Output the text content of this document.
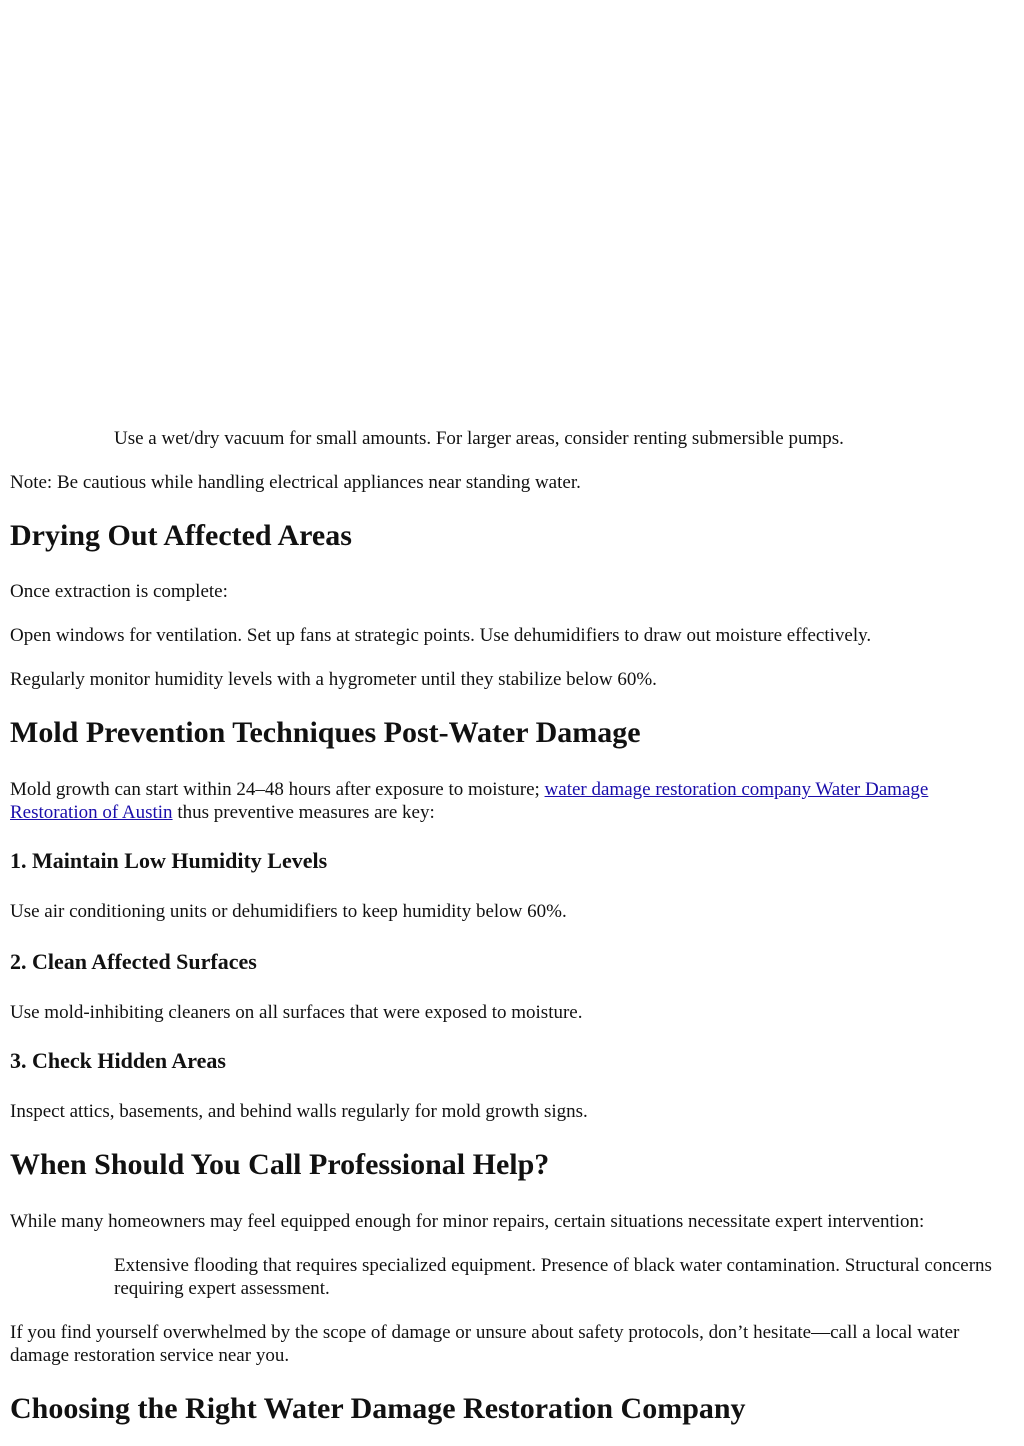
Use a wet/dry vacuum for small amounts. For larger areas, consider renting submersible pumps.

Note: Be cautious while handling electrical appliances near standing water.

Drying Out Affected Areas

Once extraction is complete:

Open windows for ventilation. Set up fans at strategic points. Use dehumidifiers to draw out moisture effectively.

Regularly monitor humidity levels with a hygrometer until they stabilize below 60%.

Mold Prevention Techniques Post-Water Damage

Mold growth can start within 24–48 hours after exposure to moisture; water damage restoration company Water Damage Restoration of Austin thus preventive measures are key:

1. Maintain Low Humidity Levels

Use air conditioning units or dehumidifiers to keep humidity below 60%.

2. Clean Affected Surfaces

Use mold-inhibiting cleaners on all surfaces that were exposed to moisture.

3. Check Hidden Areas

Inspect attics, basements, and behind walls regularly for mold growth signs.

When Should You Call Professional Help?

While many homeowners may feel equipped enough for minor repairs, certain situations necessitate expert intervention:

Extensive flooding that requires specialized equipment. Presence of black water contamination. Structural concerns requiring expert assessment.

If you find yourself overwhelmed by the scope of damage or unsure about safety protocols, don’t hesitate—call a local water damage restoration service near you.

Choosing the Right Water Damage Restoration Company
